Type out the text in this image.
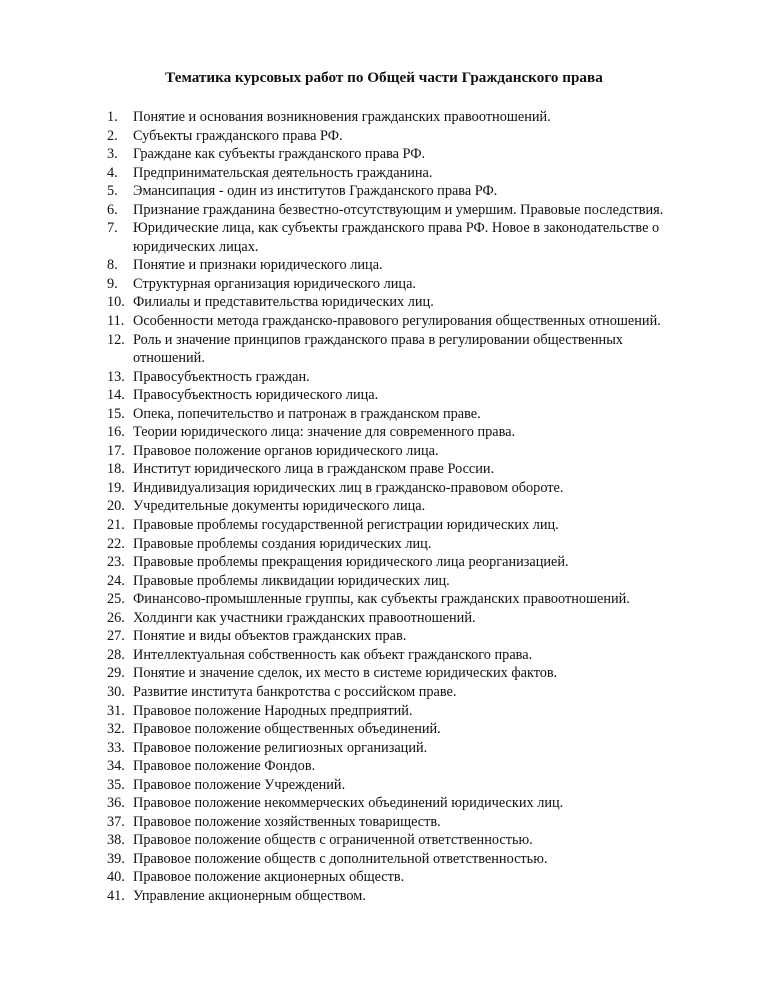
Тематика курсовых работ по Общей части Гражданского права
1. Понятие и основания возникновения гражданских правоотношений.
2. Субъекты гражданского права РФ.
3. Граждане как субъекты гражданского права РФ.
4. Предпринимательская деятельность гражданина.
5. Эмансипация - один из институтов Гражданского права РФ.
6. Признание гражданина безвестно-отсутствующим и умершим. Правовые последствия.
7. Юридические лица, как субъекты гражданского права РФ. Новое в законодательстве о
юридических лицах.
8. Понятие и признаки юридического лица.
9. Структурная организация юридического лица.
10. Филиалы и представительства юридических лиц.
11. Особенности метода гражданско-правового регулирования общественных отношений.
12. Роль и значение принципов гражданского права в регулировании общественных
отношений.
13. Правосубъектность граждан.
14. Правосубъектность юридического лица.
15. Опека, попечительство и патронаж в гражданском праве.
16. Теории юридического лица: значение для современного права.
17. Правовое положение органов юридического лица.
18. Институт юридического лица в гражданском праве России.
19. Индивидуализация юридических лиц в гражданско-правовом обороте.
20. Учредительные документы юридического лица.
21. Правовые проблемы государственной регистрации юридических лиц.
22. Правовые проблемы создания юридических лиц.
23. Правовые проблемы прекращения юридического лица реорганизацией.
24. Правовые проблемы ликвидации юридических лиц.
25. Финансово-промышленные группы, как субъекты гражданских правоотношений.
26. Холдинги как участники гражданских правоотношений.
27. Понятие и виды объектов гражданских прав.
28. Интеллектуальная собственность как объект гражданского права.
29. Понятие и значение сделок, их место в системе юридических фактов.
30. Развитие института банкротства с российском праве.
31. Правовое положение Народных предприятий.
32. Правовое положение общественных объединений.
33. Правовое положение религиозных организаций.
34. Правовое положение Фондов.
35. Правовое положение Учреждений.
36. Правовое положение некоммерческих объединений юридических лиц.
37. Правовое положение хозяйственных товариществ.
38. Правовое положение обществ с ограниченной ответственностью.
39. Правовое положение обществ с дополнительной ответственностью.
40. Правовое положение акционерных обществ.
41. Управление акционерным обществом.
